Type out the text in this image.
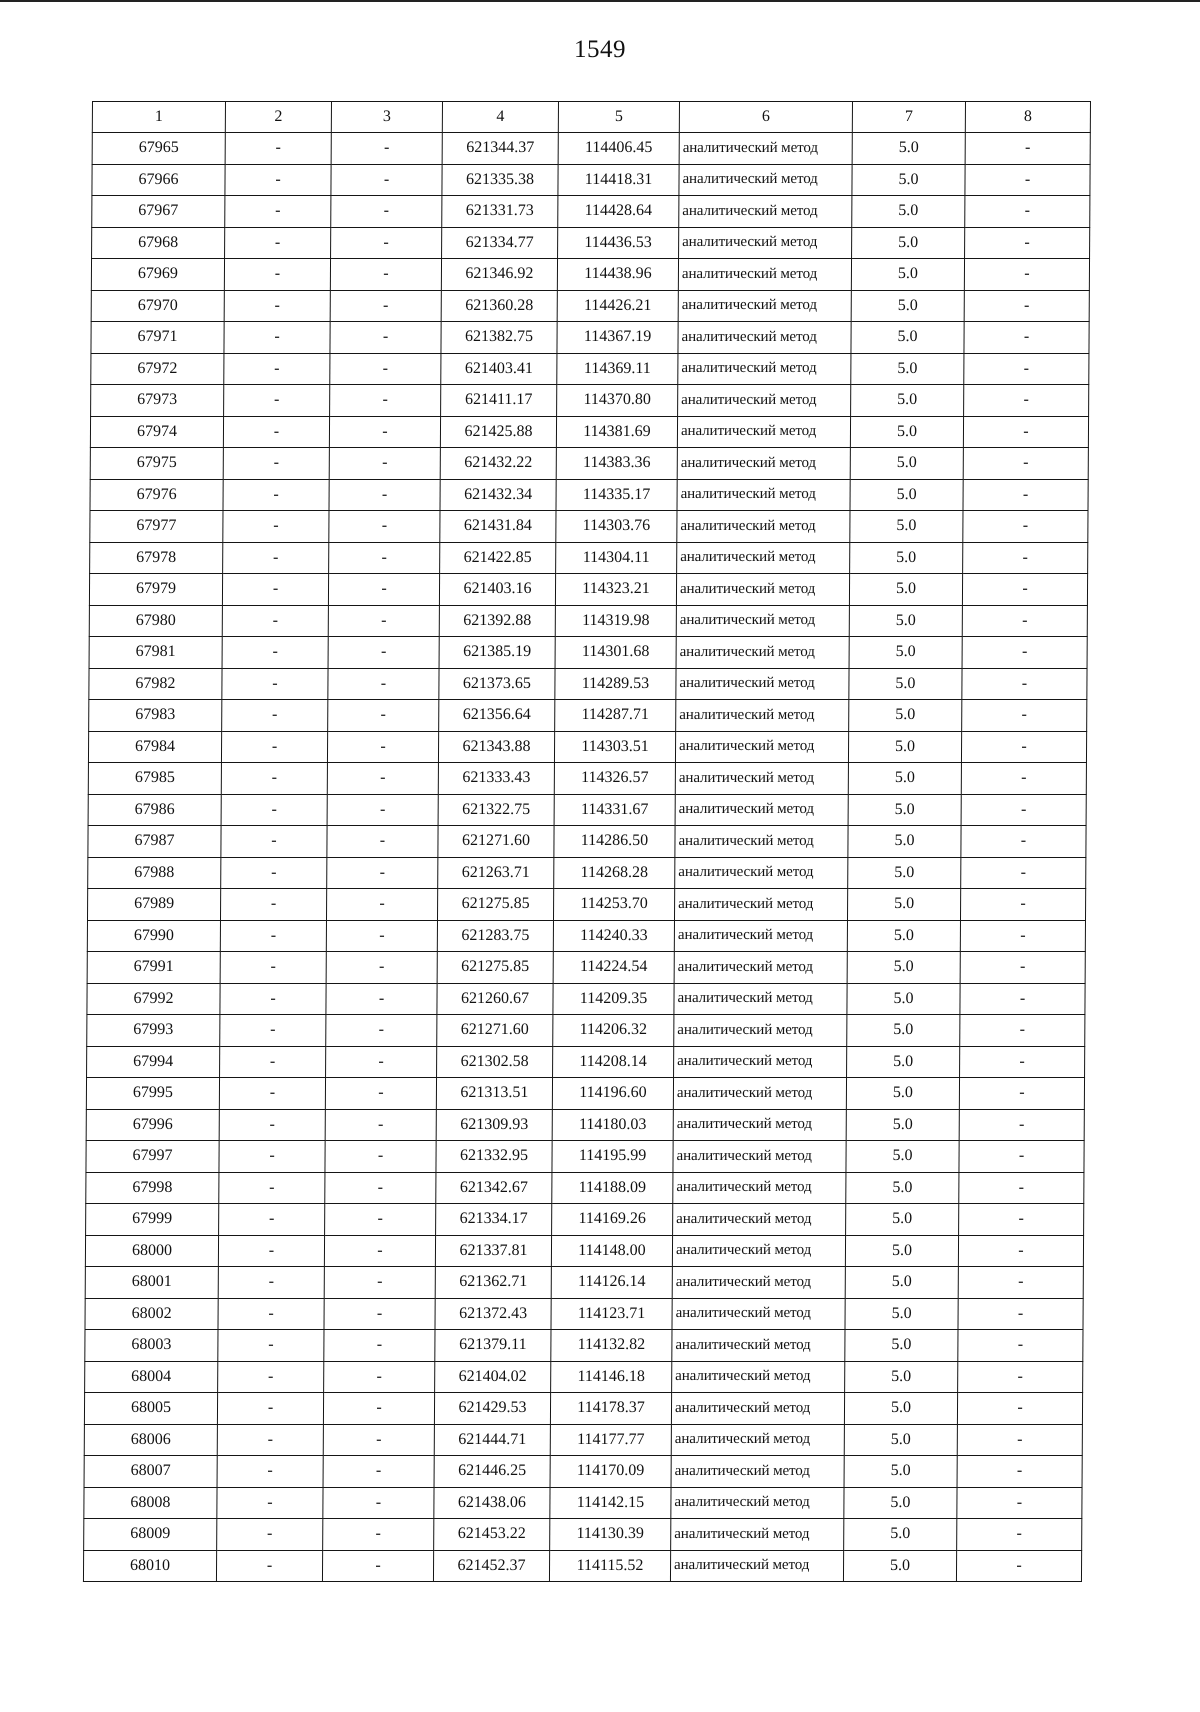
1549
1	2	3	4	5	6	7	8
67965	-	-	621344.37	114406.45	аналитический метод	5.0	-
67966	-	-	621335.38	114418.31	аналитический метод	5.0	-
67967	-	-	621331.73	114428.64	аналитический метод	5.0	-
67968	-	-	621334.77	114436.53	аналитический метод	5.0	-
67969	-	-	621346.92	114438.96	аналитический метод	5.0	-
67970	-	-	621360.28	114426.21	аналитический метод	5.0	-
67971	-	-	621382.75	114367.19	аналитический метод	5.0	-
67972	-	-	621403.41	114369.11	аналитический метод	5.0	-
67973	-	-	621411.17	114370.80	аналитический метод	5.0	-
67974	-	-	621425.88	114381.69	аналитический метод	5.0	-
67975	-	-	621432.22	114383.36	аналитический метод	5.0	-
67976	-	-	621432.34	114335.17	аналитический метод	5.0	-
67977	-	-	621431.84	114303.76	аналитический метод	5.0	-
67978	-	-	621422.85	114304.11	аналитический метод	5.0	-
67979	-	-	621403.16	114323.21	аналитический метод	5.0	-
67980	-	-	621392.88	114319.98	аналитический метод	5.0	-
67981	-	-	621385.19	114301.68	аналитический метод	5.0	-
67982	-	-	621373.65	114289.53	аналитический метод	5.0	-
67983	-	-	621356.64	114287.71	аналитический метод	5.0	-
67984	-	-	621343.88	114303.51	аналитический метод	5.0	-
67985	-	-	621333.43	114326.57	аналитический метод	5.0	-
67986	-	-	621322.75	114331.67	аналитический метод	5.0	-
67987	-	-	621271.60	114286.50	аналитический метод	5.0	-
67988	-	-	621263.71	114268.28	аналитический метод	5.0	-
67989	-	-	621275.85	114253.70	аналитический метод	5.0	-
67990	-	-	621283.75	114240.33	аналитический метод	5.0	-
67991	-	-	621275.85	114224.54	аналитический метод	5.0	-
67992	-	-	621260.67	114209.35	аналитический метод	5.0	-
67993	-	-	621271.60	114206.32	аналитический метод	5.0	-
67994	-	-	621302.58	114208.14	аналитический метод	5.0	-
67995	-	-	621313.51	114196.60	аналитический метод	5.0	-
67996	-	-	621309.93	114180.03	аналитический метод	5.0	-
67997	-	-	621332.95	114195.99	аналитический метод	5.0	-
67998	-	-	621342.67	114188.09	аналитический метод	5.0	-
67999	-	-	621334.17	114169.26	аналитический метод	5.0	-
68000	-	-	621337.81	114148.00	аналитический метод	5.0	-
68001	-	-	621362.71	114126.14	аналитический метод	5.0	-
68002	-	-	621372.43	114123.71	аналитический метод	5.0	-
68003	-	-	621379.11	114132.82	аналитический метод	5.0	-
68004	-	-	621404.02	114146.18	аналитический метод	5.0	-
68005	-	-	621429.53	114178.37	аналитический метод	5.0	-
68006	-	-	621444.71	114177.77	аналитический метод	5.0	-
68007	-	-	621446.25	114170.09	аналитический метод	5.0	-
68008	-	-	621438.06	114142.15	аналитический метод	5.0	-
68009	-	-	621453.22	114130.39	аналитический метод	5.0	-
68010	-	-	621452.37	114115.52	аналитический метод	5.0	-
